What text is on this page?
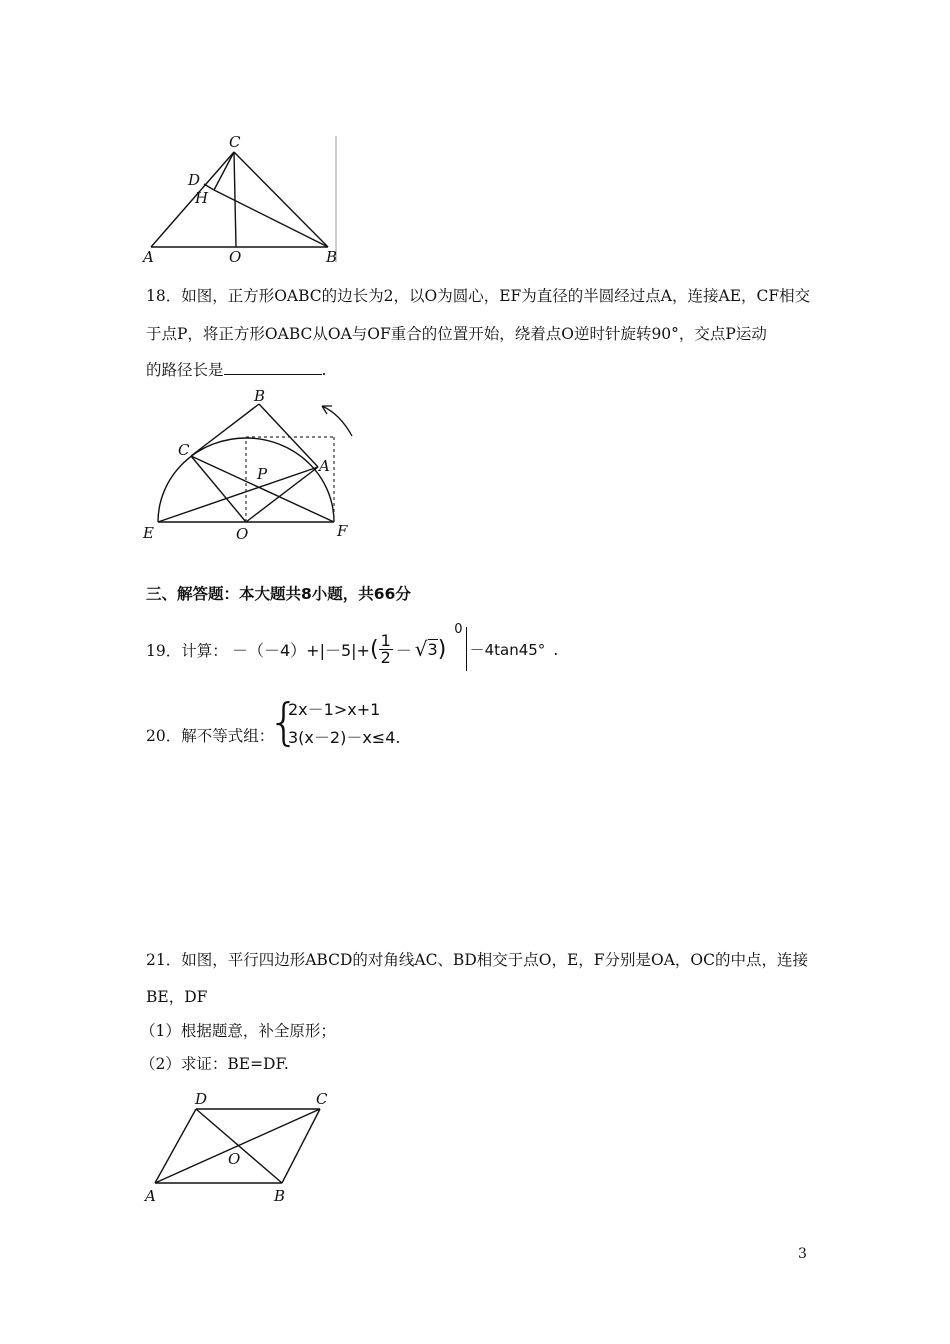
C
D
H
A	O	B
18．如图，正方形OABC的边长为2，以O为圆心，EF为直径的半圆经过点A，连接AE，CF相交
于点P，将正方形OABC从OA与OF重合的位置开始，绕着点O逆时针旋转90°，交点P运动
的路径长是	.
B
C
A
P
E	O	F
三、解答题：本大题共8小题，共66分
19．计算： －（－4）+|－5|+ ( $\frac{1}{2}$ － √ 3 )
0
－4tan45° .
20．解不等式组：
{
2x－1>x+1
3(x－2)－x≤4.
21．如图，平行四边形ABCD的对角线AC、BD相交于点O，E，F分别是OA，OC的中点，连接
BE，DF
（1）根据题意，补全原形；
（2）求证：BE=DF.
D	C
O
A	B
3
